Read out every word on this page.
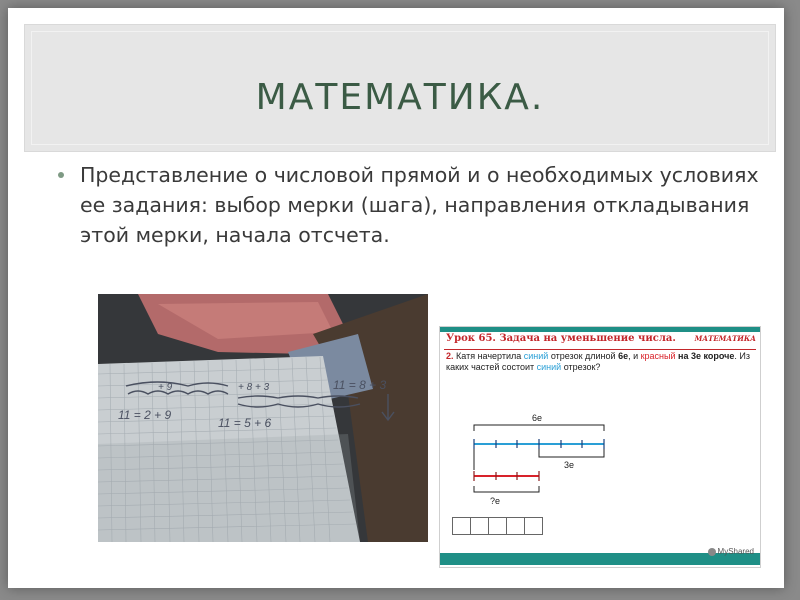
МАТЕМАТИКА.

Представление о числовой прямой и о необходимых условиях ее задания: выбор мерки (шага), направления откладывания этой мерки, начала отсчета.

11 = 2 + 9
11 = 5 + 6
11 = 8 + 3
+ 9	+ 8 + 3
Урок 65. Задача на уменьшение числа.	МАТЕМАТИКА
2. Катя начертила синий отрезок длиной 6е, и красный на 3е короче. Из каких частей состоит синий отрезок?
6е
3е
?е
MyShared
